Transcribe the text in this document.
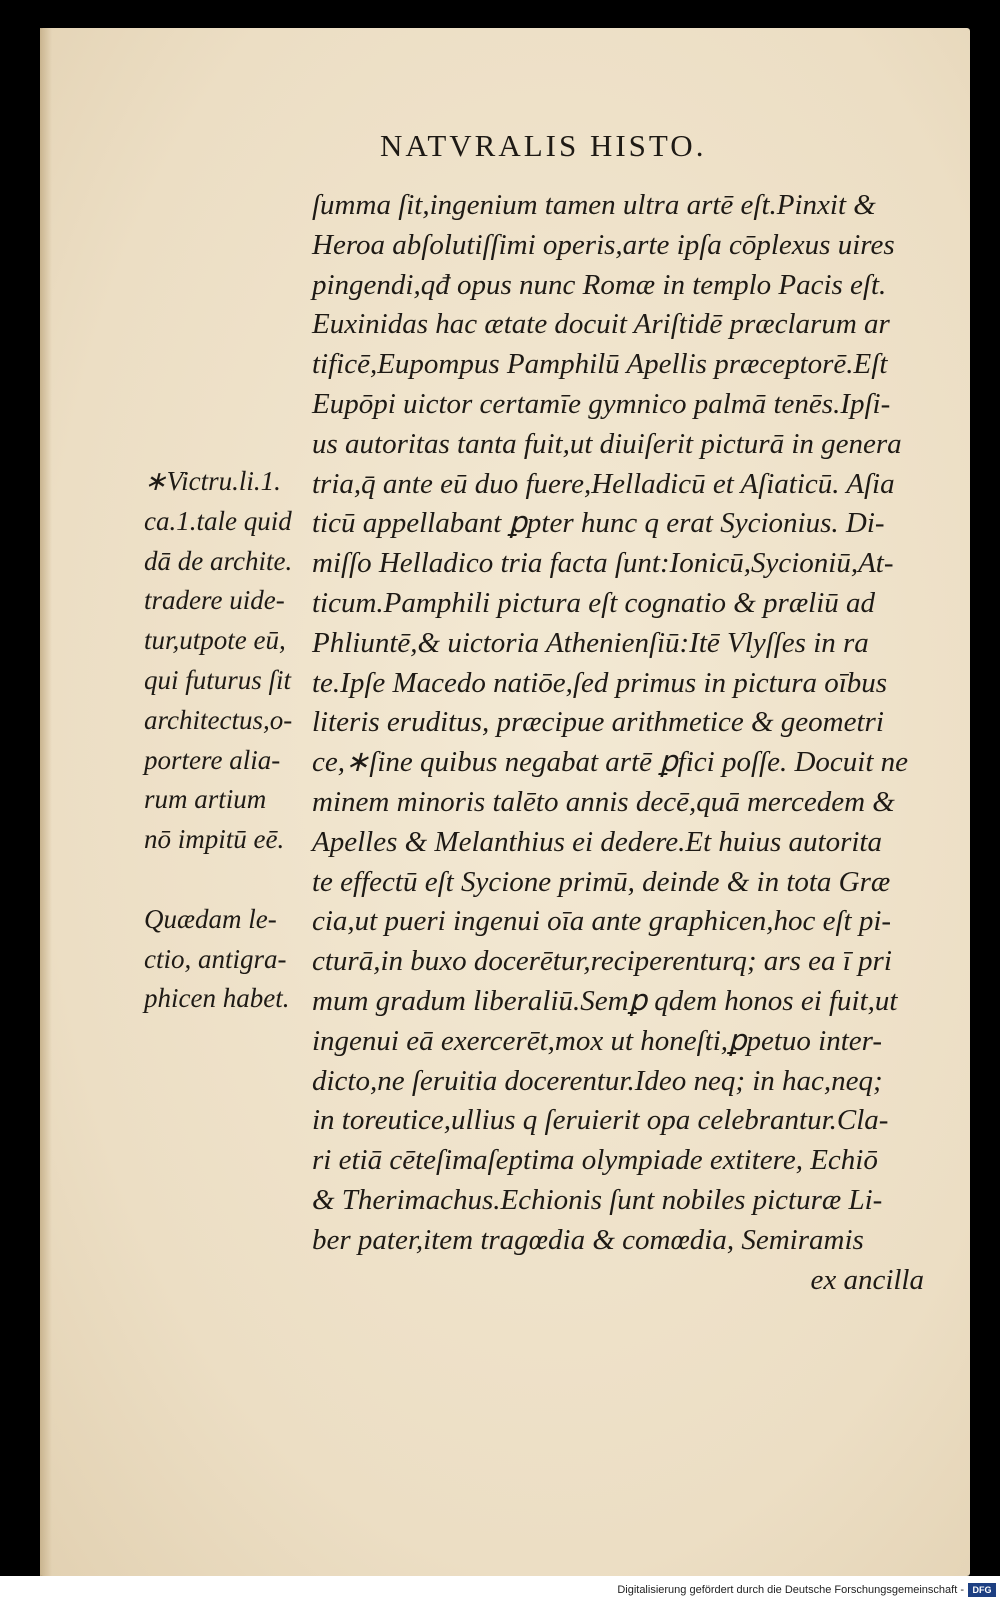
NATVRALIS HISTO.
ſumma ſit,ingenium tamen ultra artē eſt.Pinxit &
Heroa abſolutiſſimi operis,arte ipſa cōplexus uires
pingendi,qđ opus nunc Romæ in templo Pacis eſt.
Euxinidas hac ætate docuit Ariſtidē præclarum ar
tificē,Eupompus Pamphilū Apellis præceptorē.Eſt
Eupōpi uictor certamīe gymnico palmā tenēs.Ipſi-
us autoritas tanta fuit,ut diuiſerit picturā in genera
tria,q̄ ante eū duo fuere,Helladicū et Aſiaticū. Aſia
ticū appellabant ꝑpter hunc q erat Sycionius. Di-
miſſo Helladico tria facta ſunt:Ionicū,Sycioniū,At-
ticum.Pamphili pictura eſt cognatio & præliū ad
Phliuntē,& uictoria Athenienſiū:Itē Vlyſſes in ra
te.Ipſe Macedo natiōe,ſed primus in pictura oībus
literis eruditus, præcipue arithmetice & geometri
ce,∗ſine quibus negabat artē ꝑfici poſſe. Docuit ne
minem minoris talēto annis decē,quā mercedem &
Apelles & Melanthius ei dedere.Et huius autorita
te effectū eſt Sycione primū, deinde & in tota Græ
cia,ut pueri ingenui oīa ante graphicen,hoc eſt pi-
cturā,in buxo docerētur,reciperenturq; ars ea ī pri
mum gradum liberaliū.Semꝑ qdem honos ei fuit,ut
ingenui eā exercerēt,mox ut honeſti,ꝑpetuo inter-
dicto,ne ſeruitia docerentur.Ideo neq; in hac,neq;
in toreutice,ullius q ſeruierit opa celebrantur.Cla-
ri etiā cēteſimaſeptima olympiade extitere, Echiō
& Therimachus.Echionis ſunt nobiles picturæ Li-
ber pater,item tragœdia & comœdia, Semiramis
ex ancilla
∗Victru.li.1.
ca.1.tale quid
dā de archite.
tradere uide-
tur,utpote eū,
qui futurus ſit
architectus,o-
portere alia-
rum artium
nō impitū eē.

Quædam le-
ctio, antigra-
phicen habet.
Digitalisierung gefördert durch die Deutsche Forschungsgemeinschaft - DFG
